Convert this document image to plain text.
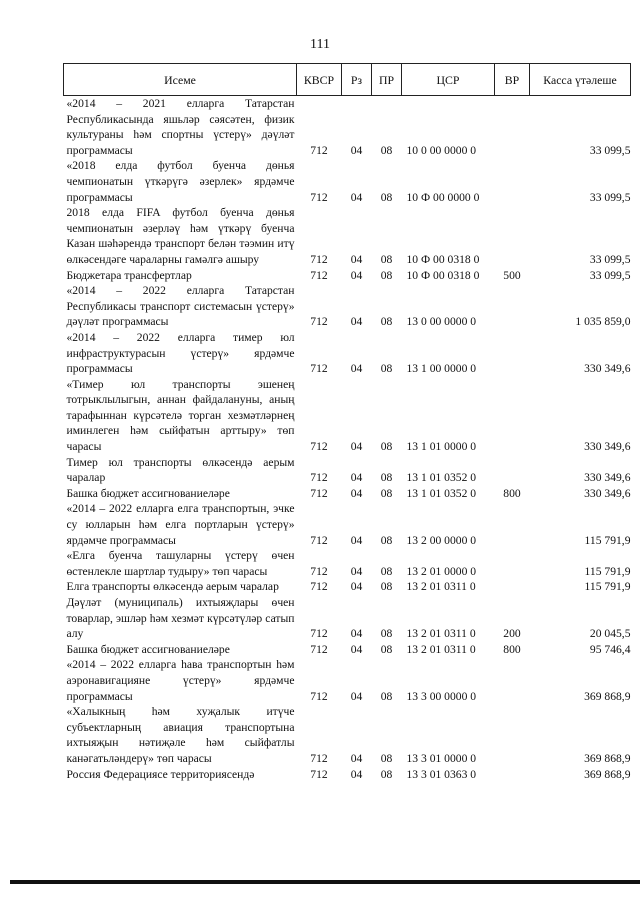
111
Исеме	КВСР	Рз	ПР	ЦСР	ВР	Касса үтәлеше
«2014 – 2021 елларга Татарстан Республикасында яшьләр сәясәтен, физик культураны һәм спортны үстерү» дәүләт программасы	712	04	08	10 0 00 0000 0		33 099,5
«2018 елда футбол буенча дөнья чемпионатын үткәрүгә әзерлек» ярдәмче программасы	712	04	08	10 Ф 00 0000 0		33 099,5
2018 елда FIFA футбол буенча дөнья чемпионатын әзерләү һәм үткәрү буенча Казан шәһәрендә транспорт белән тәэмин итү өлкәсендәге чараларны гамәлгә ашыру	712	04	08	10 Ф 00 0318 0		33 099,5
Бюджетара трансфертлар	712	04	08	10 Ф 00 0318 0	500	33 099,5
«2014 – 2022 елларга Татарстан Республикасы транспорт системасын үстерү» дәүләт программасы	712	04	08	13 0 00 0000 0		1 035 859,0
«2014 – 2022 елларга тимер юл инфраструктурасын үстерү» ярдәмче программасы	712	04	08	13 1 00 0000 0		330 349,6
«Тимер юл транспорты эшенең тотрыклылыгын, аннан файдалануны, аның тарафыннан күрсәтелә торган хезмәтләрнең иминлеген һәм сыйфатын арттыру» төп чарасы	712	04	08	13 1 01 0000 0		330 349,6
Тимер юл транспорты өлкәсендә аерым чаралар	712	04	08	13 1 01 0352 0		330 349,6
Башка бюджет ассигнованиеләре	712	04	08	13 1 01 0352 0	800	330 349,6
«2014 – 2022 елларга елга транспортын, эчке су юлларын һәм елга портларын үстерү» ярдәмче программасы	712	04	08	13 2 00 0000 0		115 791,9
«Елга буенча ташуларны үстерү өчен өстенлекле шартлар тудыру» төп чарасы	712	04	08	13 2 01 0000 0		115 791,9
Елга транспорты өлкәсендә аерым чаралар	712	04	08	13 2 01 0311 0		115 791,9
Дәүләт (муниципаль) ихтыяҗлары өчен товарлар, эшләр һәм хезмәт күрсәтүләр сатып алу	712	04	08	13 2 01 0311 0	200	20 045,5
Башка бюджет ассигнованиеләре	712	04	08	13 2 01 0311 0	800	95 746,4
«2014 – 2022 елларга һава транспортын һәм аэронавигацияне үстерү» ярдәмче программасы	712	04	08	13 3 00 0000 0		369 868,9
«Халыкның һәм хуҗалык итүче субъектларның авиация транспортына ихтыяҗын нәтиҗәле һәм сыйфатлы канәгатьләндерү» төп чарасы	712	04	08	13 3 01 0000 0		369 868,9
Россия Федерациясе территориясендә	712	04	08	13 3 01 0363 0		369 868,9
